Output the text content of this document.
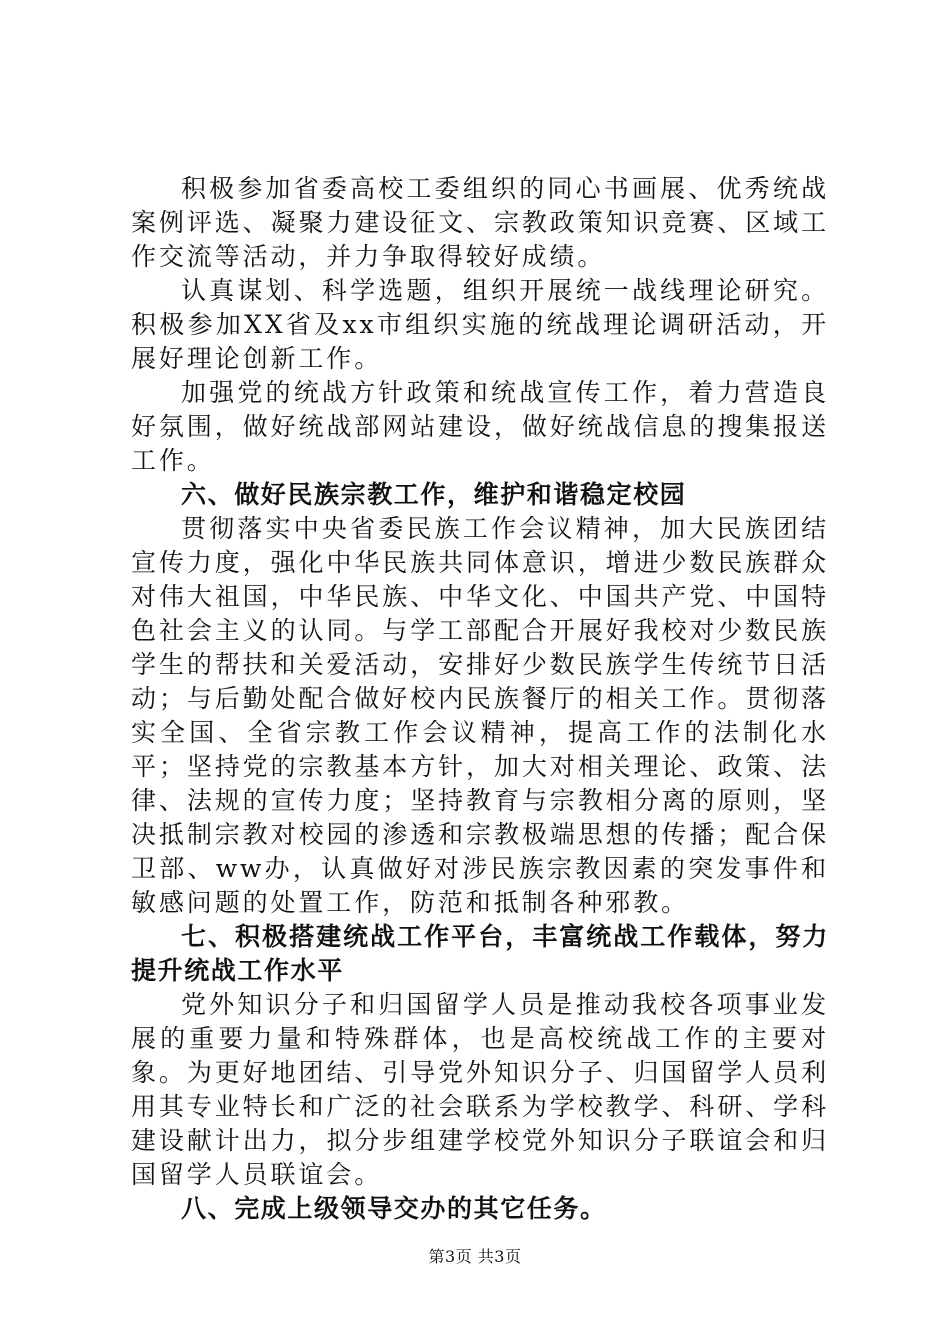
积极参加省委高校工委组织的同心书画展、优秀统战案例评选、凝聚力建设征文、宗教政策知识竞赛、区域工作交流等活动，并力争取得较好成绩。

认真谋划、科学选题，组织开展统一战线理论研究。积极参加XX省及xx市组织实施的统战理论调研活动，开展好理论创新工作。

加强党的统战方针政策和统战宣传工作，着力营造良好氛围，做好统战部网站建设，做好统战信息的搜集报送工作。

六、做好民族宗教工作，维护和谐稳定校园

贯彻落实中央省委民族工作会议精神，加大民族团结宣传力度，强化中华民族共同体意识，增进少数民族群众对伟大祖国，中华民族、中华文化、中国共产党、中国特色社会主义的认同。与学工部配合开展好我校对少数民族学生的帮扶和关爱活动，安排好少数民族学生传统节日活动；与后勤处配合做好校内民族餐厅的相关工作。贯彻落实全国、全省宗教工作会议精神，提高工作的法制化水平；坚持党的宗教基本方针，加大对相关理论、政策、法律、法规的宣传力度；坚持教育与宗教相分离的原则，坚决抵制宗教对校园的渗透和宗教极端思想的传播；配合保卫部、ww办，认真做好对涉民族宗教因素的突发事件和敏感问题的处置工作，防范和抵制各种邪教。

七、积极搭建统战工作平台，丰富统战工作载体，努力提升统战工作水平

党外知识分子和归国留学人员是推动我校各项事业发展的重要力量和特殊群体，也是高校统战工作的主要对象。为更好地团结、引导党外知识分子、归国留学人员利用其专业特长和广泛的社会联系为学校教学、科研、学科建设献计出力，拟分步组建学校党外知识分子联谊会和归国留学人员联谊会。

八、完成上级领导交办的其它任务。

第3页 共3页
